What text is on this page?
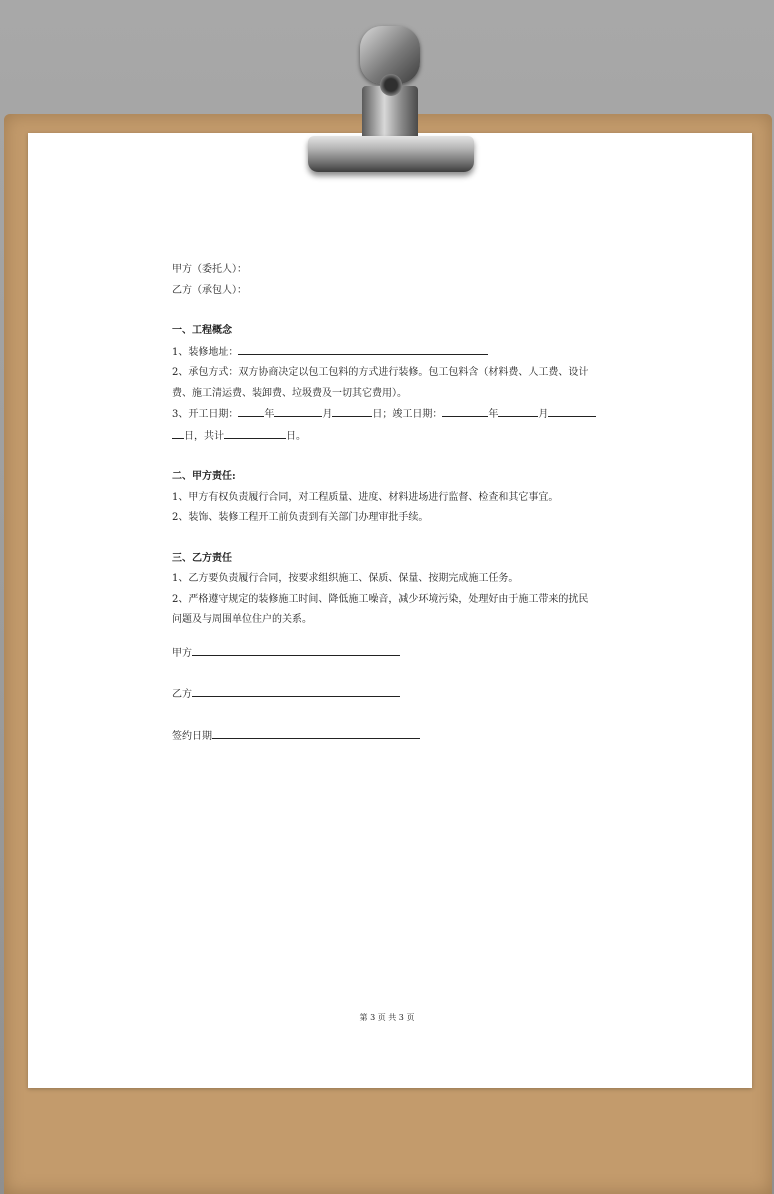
甲方（委托人）：
乙方（承包人）：
一、工程概念
1、装修地址：
2、承包方式：双方协商决定以包工包料的方式进行装修。包工包料含（材料费、人工费、设计
费、施工清运费、装卸费、垃圾费及一切其它费用）。
3、开工日期：	年	月	日；竣工日期：	年	月
日，共计	日。
二、甲方责任:
1、甲方有权负责履行合同，对工程质量、进度、材料进场进行监督、检查和其它事宜。
2、装饰、装修工程开工前负责到有关部门办理审批手续。
三、乙方责任
1、乙方要负责履行合同，按要求组织施工、保质、保量、按期完成施工任务。
2、严格遵守规定的装修施工时间、降低施工噪音，减少环境污染，处理好由于施工带来的扰民
问题及与周围单位住户的关系。
甲方
乙方
签约日期
第 3 页 共 3 页
